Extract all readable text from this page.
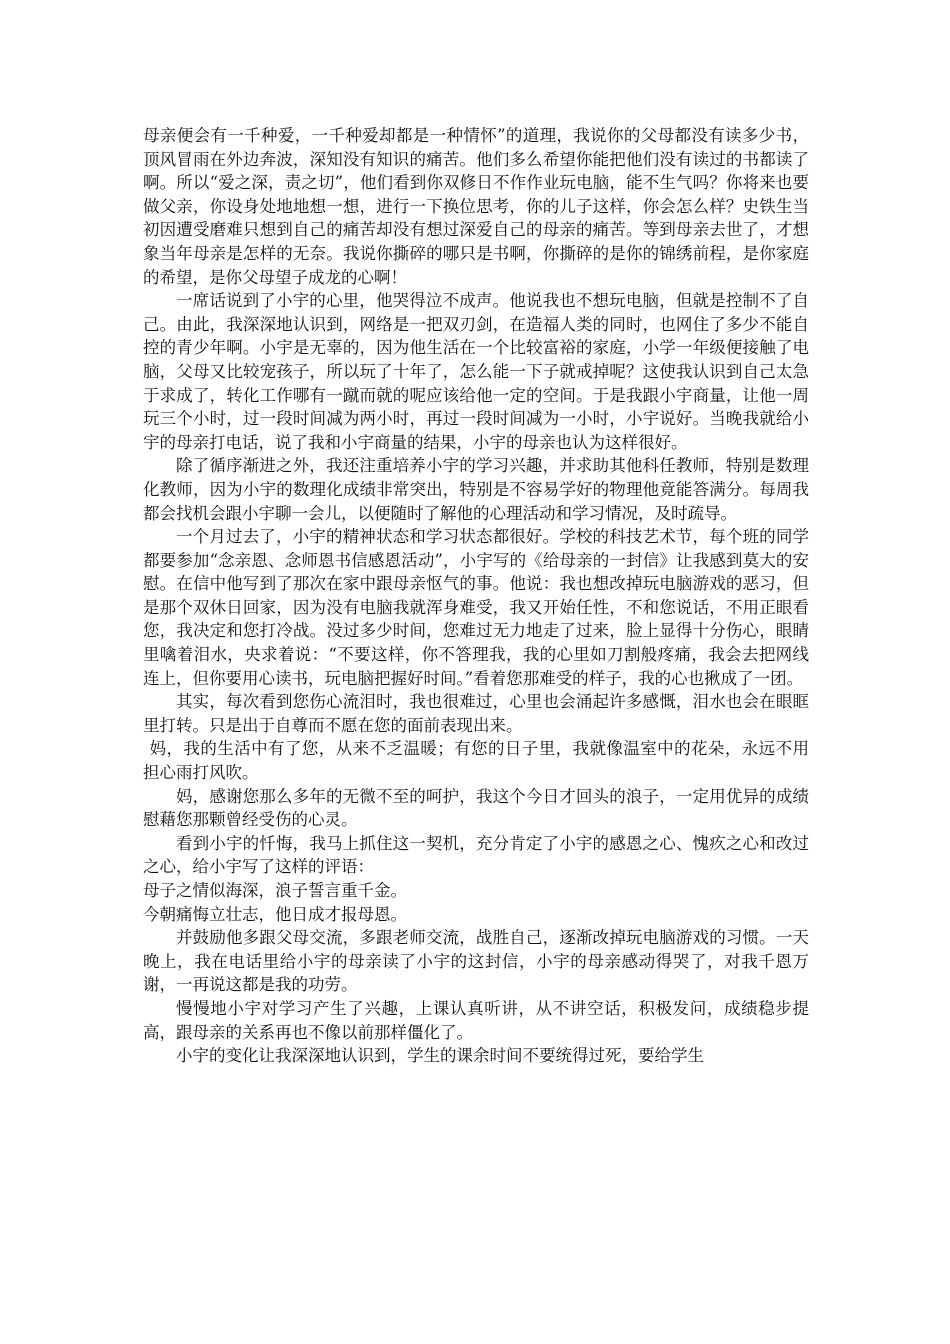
母亲便会有一千种爱，一千种爱却都是一种情怀”的道理，我说你的父母都没有读多少书，顶风冒雨在外边奔波，深知没有知识的痛苦。他们多么希望你能把他们没有读过的书都读了啊。所以“爱之深，责之切”，他们看到你双修日不作作业玩电脑，能不生气吗？你将来也要做父亲，你设身处地地想一想，进行一下换位思考，你的儿子这样，你会怎么样？史铁生当初因遭受磨难只想到自己的痛苦却没有想过深爱自己的母亲的痛苦。等到母亲去世了，才想象当年母亲是怎样的无奈。我说你撕碎的哪只是书啊，你撕碎的是你的锦绣前程，是你家庭的希望，是你父母望子成龙的心啊！

一席话说到了小宇的心里，他哭得泣不成声。他说我也不想玩电脑，但就是控制不了自己。由此，我深深地认识到，网络是一把双刃剑，在造福人类的同时，也网住了多少不能自控的青少年啊。小宇是无辜的，因为他生活在一个比较富裕的家庭，小学一年级便接触了电脑，父母又比较宠孩子，所以玩了十年了，怎么能一下子就戒掉呢？这使我认识到自己太急于求成了，转化工作哪有一蹴而就的呢应该给他一定的空间。于是我跟小宇商量，让他一周玩三个小时，过一段时间减为两小时，再过一段时间减为一小时，小宇说好。当晚我就给小宇的母亲打电话，说了我和小宇商量的结果，小宇的母亲也认为这样很好。

除了循序渐进之外，我还注重培养小宇的学习兴趣，并求助其他科任教师，特别是数理化教师，因为小宇的数理化成绩非常突出，特别是不容易学好的物理他竟能答满分。每周我都会找机会跟小宇聊一会儿，以便随时了解他的心理活动和学习情况，及时疏导。

一个月过去了，小宇的精神状态和学习状态都很好。学校的科技艺术节，每个班的同学都要参加“念亲恩、念师恩书信感恩活动”，小宇写的《给母亲的一封信》让我感到莫大的安慰。在信中他写到了那次在家中跟母亲怄气的事。他说：我也想改掉玩电脑游戏的恶习，但是那个双休日回家，因为没有电脑我就浑身难受，我又开始任性，不和您说话，不用正眼看您，我决定和您打冷战。没过多少时间，您难过无力地走了过来，脸上显得十分伤心，眼睛里噙着泪水，央求着说：“不要这样，你不答理我，我的心里如刀割般疼痛，我会去把网线连上，但你要用心读书，玩电脑把握好时间。”看着您那难受的样子，我的心也揪成了一团。

其实，每次看到您伤心流泪时，我也很难过，心里也会涌起许多感慨，泪水也会在眼眶里打转。只是出于自尊而不愿在您的面前表现出来。

妈，我的生活中有了您，从来不乏温暖；有您的日子里，我就像温室中的花朵，永远不用担心雨打风吹。

妈，感谢您那么多年的无微不至的呵护，我这个今日才回头的浪子，一定用优异的成绩慰藉您那颗曾经受伤的心灵。

看到小宇的忏悔，我马上抓住这一契机，充分肯定了小宇的感恩之心、愧疚之心和改过之心，给小宇写了这样的评语：

母子之情似海深，浪子誓言重千金。

今朝痛悔立壮志，他日成才报母恩。

并鼓励他多跟父母交流，多跟老师交流，战胜自己，逐渐改掉玩电脑游戏的习惯。一天晚上，我在电话里给小宇的母亲读了小宇的这封信，小宇的母亲感动得哭了，对我千恩万谢，一再说这都是我的功劳。

慢慢地小宇对学习产生了兴趣，上课认真听讲，从不讲空话，积极发问，成绩稳步提高，跟母亲的关系再也不像以前那样僵化了。

小宇的变化让我深深地认识到，学生的课余时间不要统得过死，要给学生
